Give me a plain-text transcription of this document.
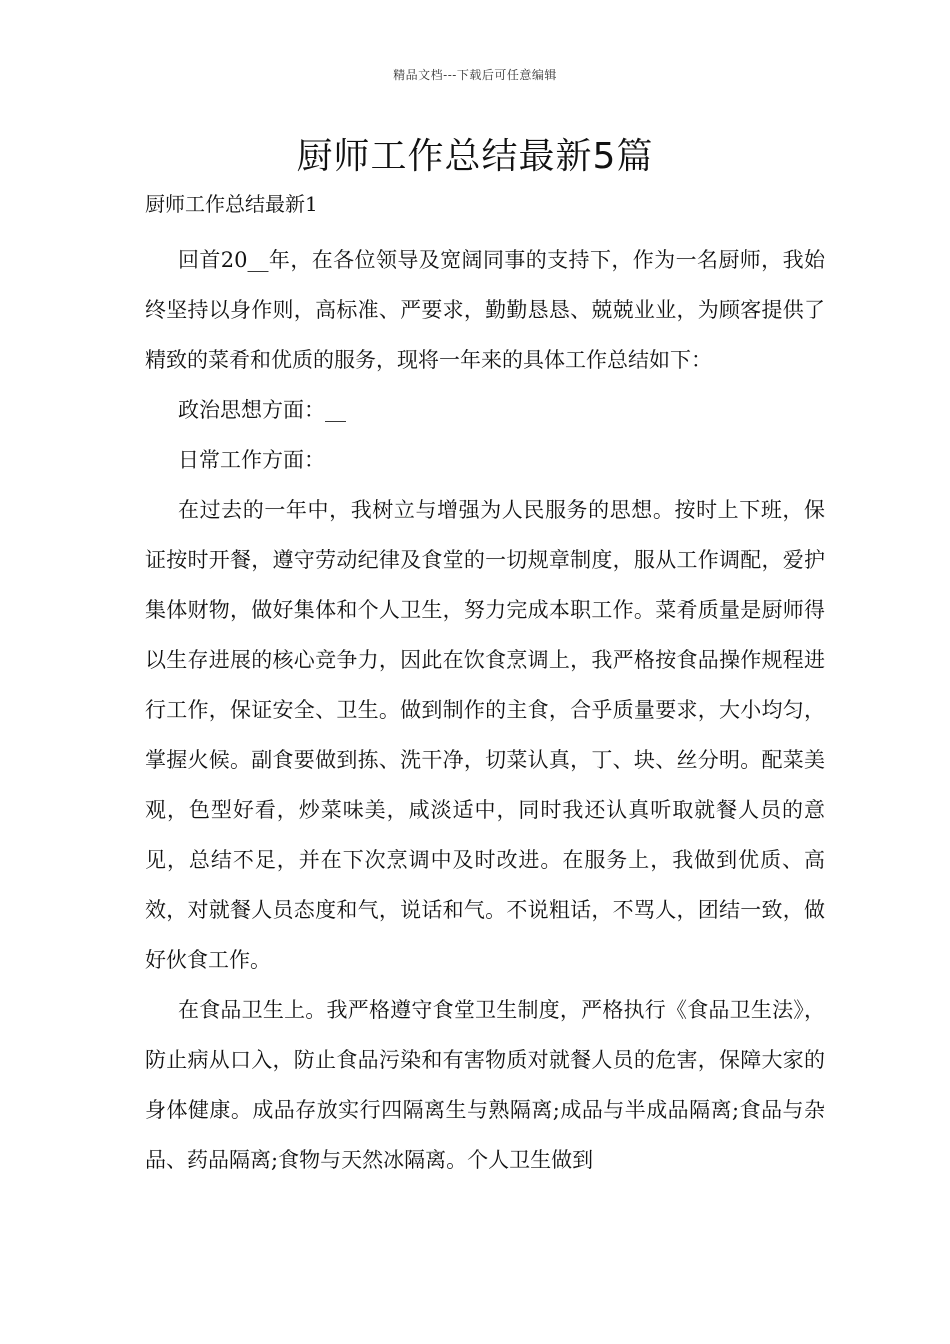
精品文档---下载后可任意编辑
厨师工作总结最新5篇
厨师工作总结最新1

回首20__年，在各位领导及宽阔同事的支持下，作为一名厨师，我始终坚持以身作则，高标准、严要求，勤勤恳恳、兢兢业业，为顾客提供了精致的菜肴和优质的服务，现将一年来的具体工作总结如下：

政治思想方面：__

日常工作方面：

在过去的一年中，我树立与增强为人民服务的思想。按时上下班，保证按时开餐，遵守劳动纪律及食堂的一切规章制度，服从工作调配，爱护集体财物，做好集体和个人卫生，努力完成本职工作。菜肴质量是厨师得以生存进展的核心竞争力，因此在饮食烹调上，我严格按食品操作规程进行工作，保证安全、卫生。做到制作的主食，合乎质量要求，大小均匀，掌握火候。副食要做到拣、洗干净，切菜认真，丁、块、丝分明。配菜美观，色型好看，炒菜味美，咸淡适中，同时我还认真听取就餐人员的意见，总结不足，并在下次烹调中及时改进。在服务上，我做到优质、高效，对就餐人员态度和气，说话和气。不说粗话，不骂人，团结一致，做好伙食工作。

在食品卫生上。我严格遵守食堂卫生制度，严格执行《食品卫生法》，防止病从口入，防止食品污染和有害物质对就餐人员的危害，保障大家的身体健康。成品存放实行四隔离生与熟隔离;成品与半成品隔离;食品与杂品、药品隔离;食物与天然冰隔离。个人卫生做到
